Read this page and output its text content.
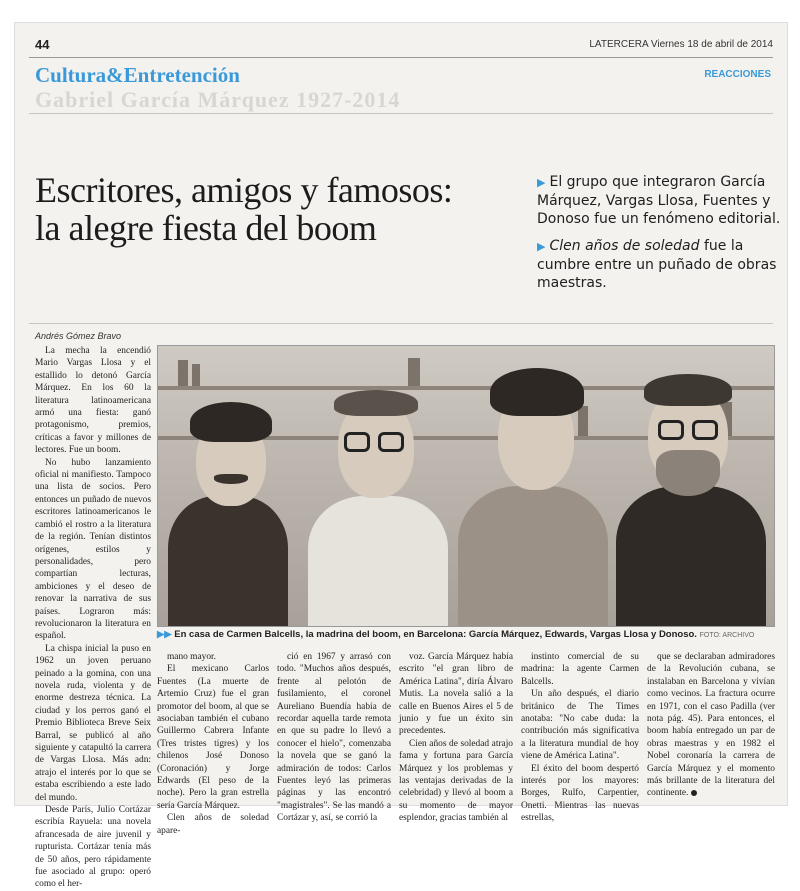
44	LATERCERA Viernes 18 de abril de 2014
Cultura&Entretención	REACCIONES
Gabriel García Márquez 1927-2014
Escritores, amigos y famosos:
la alegre fiesta del boom
▶ El grupo que integraron García Márquez, Vargas Llosa, Fuentes y Donoso fue un fenómeno editorial.
▶ Clen años de soledad fue la cumbre entre un puñado de obras maestras.
Andrés Gómez Bravo

La mecha la encendió Mario Vargas Llosa y el estallido lo detonó García Márquez. En los 60 la literatura latinoamericana armó una fiesta: ganó protagonismo, premios, críticas a favor y millones de lectores. Fue un boom.

No hubo lanzamiento oficial ni manifiesto. Tampoco una lista de socios. Pero entonces un puñado de nuevos escritores latinoamericanos le cambió el rostro a la literatura de la región. Tenían distintos orígenes, estilos y personalidades, pero compartían lecturas, ambiciones y el deseo de renovar la narrativa de sus países. Lograron más: revolucionaron la literatura en español.

La chispa inicial la puso en 1962 un joven peruano peinado a la gomina, con una novela ruda, violenta y de enorme destreza técnica. La ciudad y los perros ganó el Premio Biblioteca Breve Seix Barral, se publicó al año siguiente y catapultó la carrera de Vargas Llosa. Más adn: atrajo el interés por lo que se estaba escribiendo a este lado del mundo.

Desde París, Julio Cortázar escribía Rayuela: una novela afrancesada de aire juvenil y rupturista. Cortázar tenía más de 50 años, pero rápidamente fue asociado al grupo: operó como el her-

▶▶ En casa de Carmen Balcells, la madrina del boom, en Barcelona: García Márquez, Edwards, Vargas Llosa y Donoso. FOTO: ARCHIVO

mano mayor.

El mexicano Carlos Fuentes (La muerte de Artemio Cruz) fue el gran promotor del boom, al que se asociaban también el cubano Guillermo Cabrera Infante (Tres tristes tigres) y los chilenos José Donoso (Coronación) y Jorge Edwards (El peso de la noche). Pero la gran estrella sería García Márquez.

Clen años de soledad apare-

ció en 1967 y arrasó con todo. "Muchos años después, frente al pelotón de fusilamiento, el coronel Aureliano Buendía había de recordar aquella tarde remota en que su padre lo llevó a conocer el hielo", comenzaba la novela que se ganó la admiración de todos: Carlos Fuentes leyó las primeras páginas y las encontró "magistrales". Se las mandó a Cortázar y, así, se corrió la

voz. García Márquez había escrito "el gran libro de América Latina", diría Álvaro Mutis. La novela salió a la calle en Buenos Aires el 5 de junio y fue un éxito sin precedentes.

Cien años de soledad atrajo fama y fortuna para García Márquez y los problemas y las ventajas derivadas de la celebridad) y llevó al boom a su momento de mayor esplendor, gracias también al

instinto comercial de su madrina: la agente Carmen Balcells.

Un año después, el diario británico de The Times anotaba: "No cabe duda: la contribución más significativa a la literatura mundial de hoy viene de América Latina".

El éxito del boom despertó interés por los mayores: Borges, Rulfo, Carpentier, Onetti. Mientras las nuevas estrellas,

que se declaraban admiradores de la Revolución cubana, se instalaban en Barcelona y vivían como vecinos. La fractura ocurre en 1971, con el caso Padilla (ver nota pág. 45). Para entonces, el boom había entregado un par de obras maestras y en 1982 el Nobel coronaría la carrera de García Márquez y el momento más brillante de la literatura del continente.
